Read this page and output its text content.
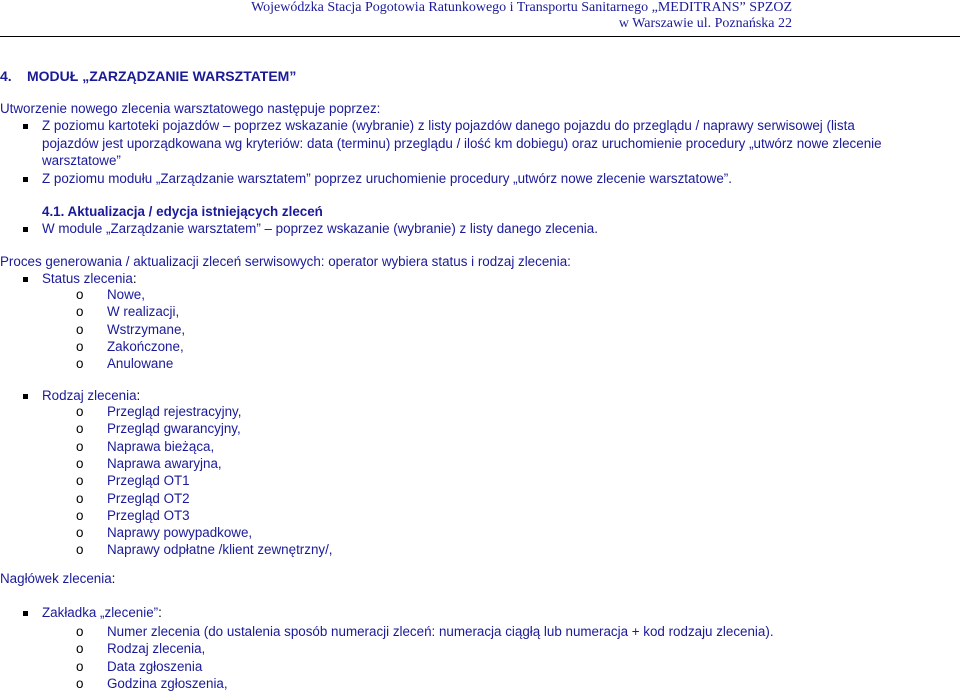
Wojewódzka Stacja Pogotowia Ratunkowego i Transportu Sanitarnego „MEDITRANS” SPZOZ
w Warszawie ul. Poznańska 22
4. MODUŁ „ZARZĄDZANIE WARSZTATEM”
Utworzenie nowego zlecenia warsztatowego następuje poprzez:
Z poziomu kartoteki pojazdów – poprzez wskazanie (wybranie) z listy pojazdów danego pojazdu do przeglądu / naprawy serwisowej (lista
pojazdów jest uporządkowana wg kryteriów: data (terminu) przeglądu / ilość km dobiegu) oraz uruchomienie procedury „utwórz nowe zlecenie
warsztatowe”
Z poziomu modułu „Zarządzanie warsztatem” poprzez uruchomienie procedury „utwórz nowe zlecenie warsztatowe”.
4.1. Aktualizacja / edycja istniejących zleceń
W module „Zarządzanie warsztatem” – poprzez wskazanie (wybranie) z listy danego zlecenia.
Proces generowania / aktualizacji zleceń serwisowych: operator wybiera status i rodzaj zlecenia:
Status zlecenia:
o Nowe,
o W realizacji,
o Wstrzymane,
o Zakończone,
o Anulowane
Rodzaj zlecenia:
o Przegląd rejestracyjny,
o Przegląd gwarancyjny,
o Naprawa bieżąca,
o Naprawa awaryjna,
o Przegląd OT1
o Przegląd OT2
o Przegląd OT3
o Naprawy powypadkowe,
o Naprawy odpłatne /klient zewnętrzny/,
Nagłówek zlecenia:
Zakładka „zlecenie”:
o Numer zlecenia (do ustalenia sposób numeracji zleceń: numeracja ciągłą lub numeracja + kod rodzaju zlecenia).
o Rodzaj zlecenia,
o Data zgłoszenia
o Godzina zgłoszenia,
